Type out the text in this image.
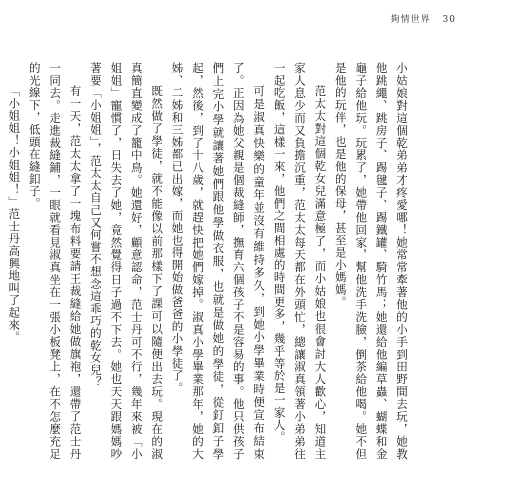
夠情世界 30

小姑娘對這個乾弟弟才疼愛哪！她常常牽著他的小手到田野間去玩，她教他跳繩、跳房子、踢毽子、踢鐵罐、騎竹馬；她還給他編草蟲、蝴蝶和金龜子給他玩。玩累了，她帶他回家，幫他洗手洗臉，倒茶給他喝。她不但是他的玩伴，也是他的保母，甚至是小媽媽。

范太太對這個乾女兒滿意極了，而小姑娘也很會討大人歡心，知道主家人息少而又負擔沉重，范太太每天都在外頭忙，總讓淑真領著小弟弟往一起吃飯，這樣一來，他們之間相處的時間更多，幾乎等於是一家人。

可是淑真快樂的童年並沒有維持多久，到她小學畢業時便宣布結束了。正因為她父親是個裁縫師，撫育六個孩子不是容易的事。他只供孩子們上完小學就讓著她們跟他學做衣服，也就是做她的學徒，從釘釦子學起，然後，到了十八歲，就趕快把她們嫁掉。淑真小學畢業那年，她的大姊、二姊和三姊都已出嫁，而她也得開始做爸爸的小學徒了。

既然做了學徒，就不能像以前那樣下了課可以隨便出去玩。現在的淑真簡直變成了籠中鳥。她還好，顧意認命，范士丹可不行，幾年來被「小姐姐」寵慣了，日失去了她，竟然覺得日子過不下去。她也天天跟媽媽吵著要「小姐姐」，范太太自己又何嘗不想念這乖巧的乾女兒？

有一天，范太太拿了一塊布料要請王裁縫給她做旗袍，還帶了范士丹一同去。走進裁縫鋪，一眼就看見淑真坐在一張小板凳上，在不怎麼充足的光線下，低頭在縫釦子。

「小姐姐！小姐姐！」范士丹高興地叫了起來。
